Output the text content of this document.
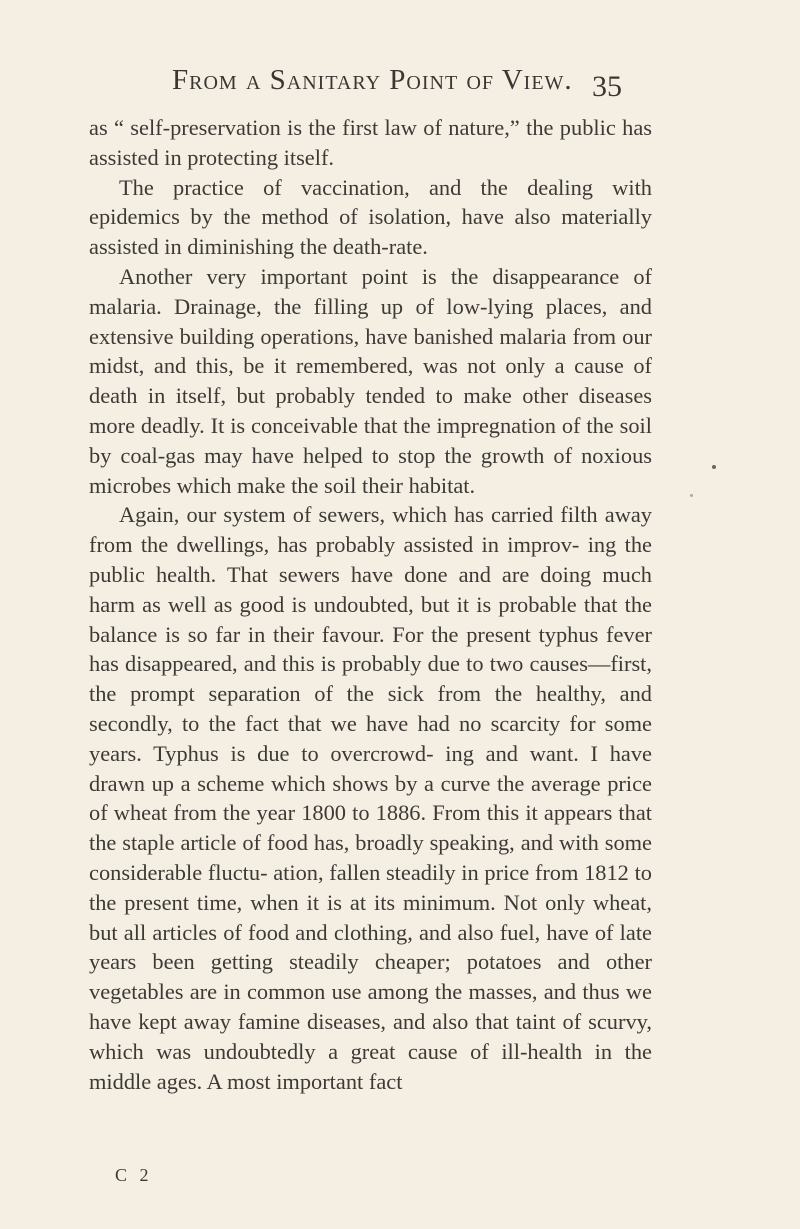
From a Sanitary Point of View. 35

as “ self-preservation is the first law of nature,” the public has assisted in protecting itself.

The practice of vaccination, and the dealing with epidemics by the method of isolation, have also materially assisted in diminishing the death-rate.

Another very important point is the disappearance of malaria. Drainage, the filling up of low-lying places, and extensive building operations, have banished malaria from our midst, and this, be it remembered, was not only a cause of death in itself, but probably tended to make other diseases more deadly. It is conceivable that the impregnation of the soil by coal-gas may have helped to stop the growth of noxious microbes which make the soil their habitat.

Again, our system of sewers, which has carried filth away from the dwellings, has probably assisted in improv- ing the public health. That sewers have done and are doing much harm as well as good is undoubted, but it is probable that the balance is so far in their favour. For the present typhus fever has disappeared, and this is probably due to two causes—first, the prompt separation of the sick from the healthy, and secondly, to the fact that we have had no scarcity for some years. Typhus is due to overcrowd- ing and want. I have drawn up a scheme which shows by a curve the average price of wheat from the year 1800 to 1886. From this it appears that the staple article of food has, broadly speaking, and with some considerable fluctu- ation, fallen steadily in price from 1812 to the present time, when it is at its minimum. Not only wheat, but all articles of food and clothing, and also fuel, have of late years been getting steadily cheaper; potatoes and other vegetables are in common use among the masses, and thus we have kept away famine diseases, and also that taint of scurvy, which was undoubtedly a great cause of ill-health in the middle ages. A most important fact

C 2
